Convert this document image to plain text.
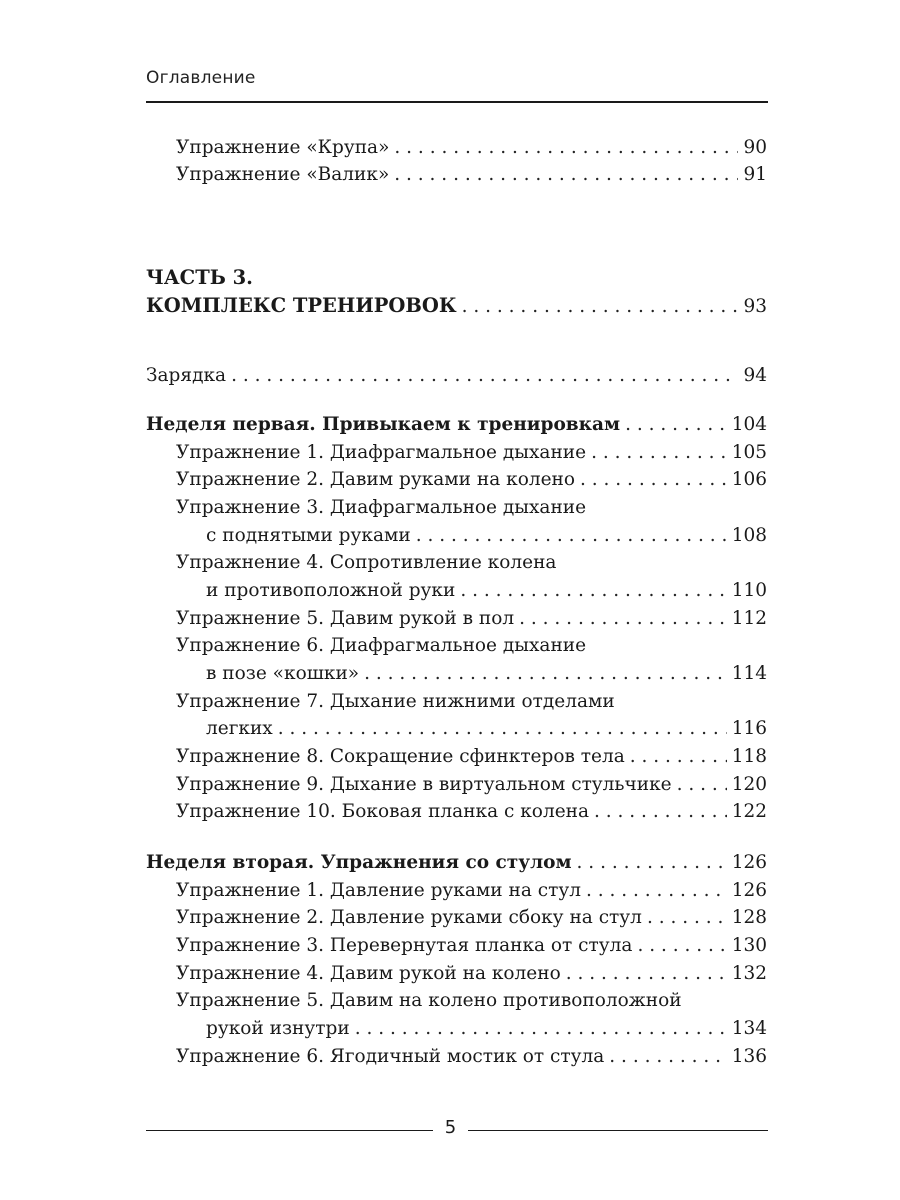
Оглавление
Упражнение «Крупа» . . .	90
Упражнение «Валик» . . .	91
ЧАСТЬ 3.
КОМПЛЕКС ТРЕНИРОВОК . . .	93
Зарядка . . .	94
Неделя первая. Привыкаем к тренировкам . . .	104
Упражнение 1. Диафрагмальное дыхание . . .	105
Упражнение 2. Давим руками на колено . . .	106
Упражнение 3. Диафрагмальное дыхание
с поднятыми руками . . .	108
Упражнение 4. Сопротивление колена
и противоположной руки . . .	110
Упражнение 5. Давим рукой в пол . . .	112
Упражнение 6. Диафрагмальное дыхание
в позе «кошки» . . .	114
Упражнение 7. Дыхание нижними отделами
легких . . .	116
Упражнение 8. Сокращение сфинктеров тела . . .	118
Упражнение 9. Дыхание в виртуальном стульчике . . .	120
Упражнение 10. Боковая планка с колена . . .	122
Неделя вторая. Упражнения со стулом . . .	126
Упражнение 1. Давление руками на стул . . .	126
Упражнение 2. Давление руками сбоку на стул . . .	128
Упражнение 3. Перевернутая планка от стула . . .	130
Упражнение 4. Давим рукой на колено . . .	132
Упражнение 5. Давим на колено противоположной
рукой изнутри . . .	134
Упражнение 6. Ягодичный мостик от стула . . .	136
5
